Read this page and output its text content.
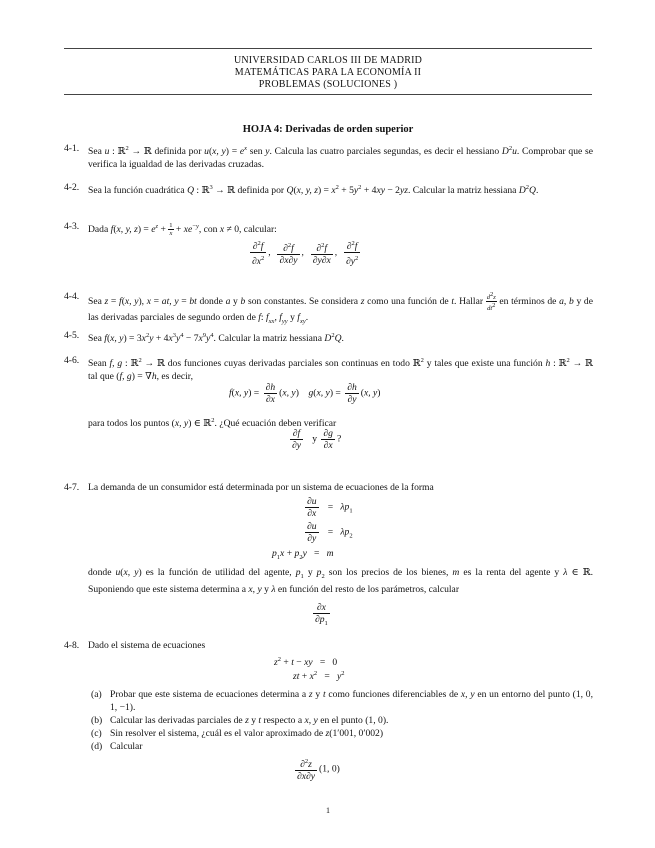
UNIVERSIDAD CARLOS III DE MADRID
MATEMÁTICAS PARA LA ECONOMÍA II
PROBLEMAS (SOLUCIONES )
HOJA 4: Derivadas de orden superior
4-1. Sea u : ℝ$^2$ → ℝ definida por u(x, $y) = e^x$ sen y. Calcula las cuatro parciales segundas, es decir el hessiano $D^2u$. Comprobar que se verifica la igualdad de las derivadas cruzadas.
4-2. Sea la función cuadrática Q : ℝ$^3$ → ℝ definida por Q(x, y, $z) = x^2 + 5y^2 + 4xy - 2yz$. Calcular la matriz hessiana $D^2Q$.
4-3. Dada f(x, y, $z) = e^z + \frac{1}{x} + xe^{-y}$, con x ≠ 0, calcular:
$\frac{\partial^2f}{\partial x^2}$ , $\frac{\partial^2f}{\partial x\partial y}$ , $\frac{\partial^2f}{\partial y\partial x}$ , $\frac{\partial^2f}{\partial y^2}$
4-4. Sea z = f(x, y), x = at, y = bt donde a y b son constantes. Se considera z como una función de t. Hallar $\frac{d^2z}{dt^2}$ en términos de a, b y de las derivadas parciales de segundo orden de f: $f_{xx}$, $f_{yy}$ y $f_{xy}$.
4-5. Sea f(x, $y) = 3x^2y + 4x^3y^4 - 7x^9y^4$. Calcular la matriz hessiana $D^2Q$.
4-6. Sean f, g : ℝ$^2$ → ℝ dos funciones cuyas derivadas parciales son continuas en todo ℝ$^2$ y tales que existe una función h : ℝ$^2$ → ℝ tal que (f, g) = ∇h, es decir,
f(x, $y) = \frac{\partial h}{\partial x} (x$, y)    g(x, $y) = \frac{\partial h}{\partial y} (x$, y)
para todos los puntos (x, y) ∈ ℝ$^2$. ¿Qué ecuación deben verificar
$\frac{\partial f}{\partial y}$ y $\frac{\partial g}{\partial x}$ ?
4-7. La demanda de un consumidor está determinada por un sistema de ecuaciones de la forma
$\frac{\partial u}{\partial x} = \lambda p_1$
$\frac{\partial u}{\partial y} = \lambda p_2$
$p_1x + p_2y = m$
donde u(x, y) es la función de utilidad del agente, $p_1$ y $p_2$ son los precios de los bienes, m es la renta del agente y λ ∈ ℝ. Suponiendo que este sistema determina a x, y y λ en función del resto de los parámetros, calcular
$\frac{\partial x}{\partial p_1}$
4-8. Dado el sistema de ecuaciones
$z^2 + t$ − xy   =   0
zt + $x^2 = y^2$
(a) Probar que este sistema de ecuaciones determina a z y t como funciones diferenciables de x, y en un entorno del punto (1, 0, 1, −1).
(b) Calcular las derivadas parciales de z y t respecto a x, y en el punto (1, 0).
(c) Sin resolver el sistema, ¿cuál es el valor aproximado de z(1′001, 0′002)
(d) Calcular
$\frac{\partial^2z}{\partial x\partial y} (1$, 0)
1
